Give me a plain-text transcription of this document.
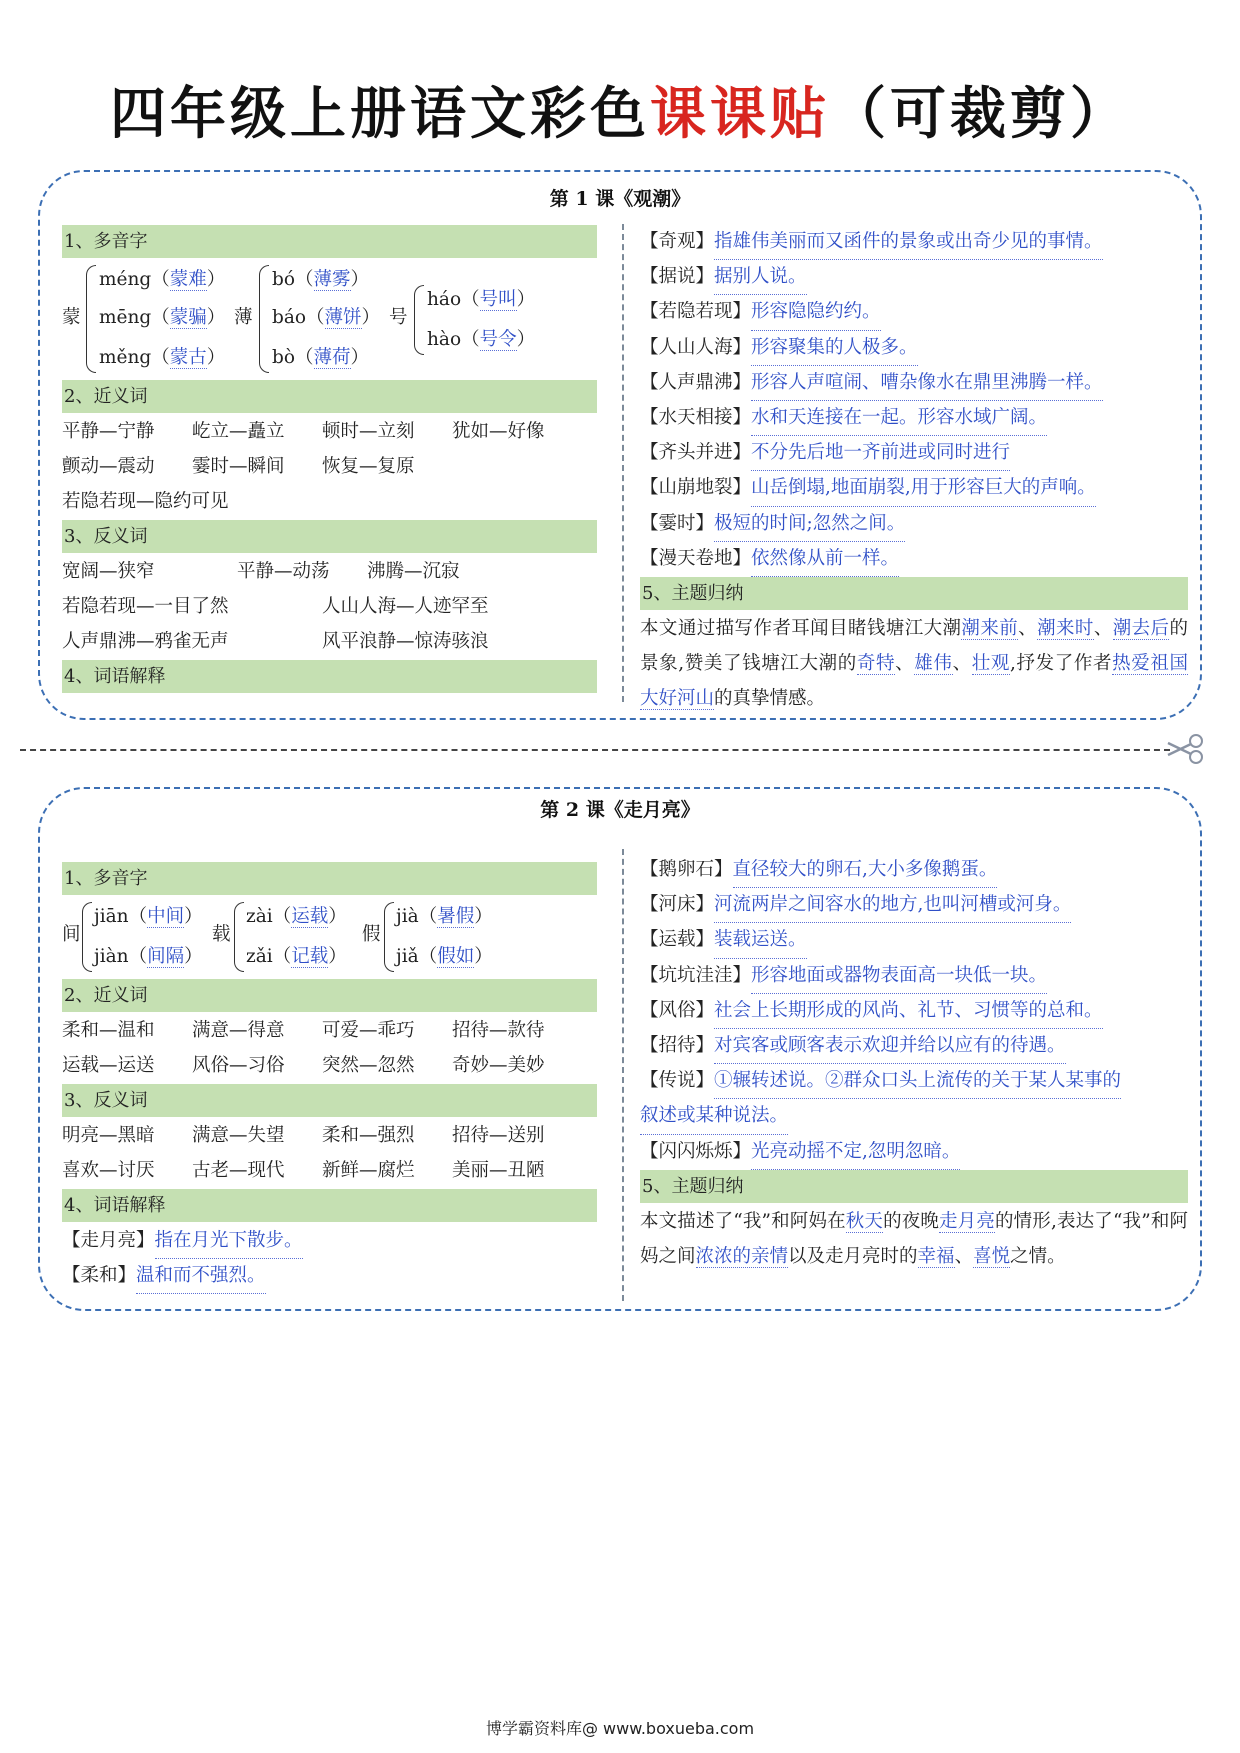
四年级上册语文彩色课课贴（可裁剪）
第 1 课《观潮》
1、多音字
蒙
méng（蒙难）
mēng（蒙骗）
měng（蒙古）
薄
bó（薄雾）
báo（薄饼）
bò（薄荷）
号
háo（号叫）
hào（号令）
2、近义词
平静—宁静 屹立—矗立 顿时—立刻 犹如—好像
颤动—震动 霎时—瞬间 恢复—复原
若隐若现—隐约可见
3、反义词
宽阔—狭窄	平静—动荡 沸腾—沉寂
若隐若现—一目了然	人山人海—人迹罕至
人声鼎沸—鸦雀无声	风平浪静—惊涛骇浪
4、词语解释
【奇观】指雄伟美丽而又函件的景象或出奇少见的事情。
【据说】据别人说。
【若隐若现】形容隐隐约约。
【人山人海】形容聚集的人极多。
【人声鼎沸】形容人声喧闹、嘈杂像水在鼎里沸腾一样。
【水天相接】水和天连接在一起。形容水域广阔。
【齐头并进】不分先后地一齐前进或同时进行
【山崩地裂】山岳倒塌,地面崩裂,用于形容巨大的声响。
【霎时】极短的时间;忽然之间。
【漫天卷地】依然像从前一样。
5、主题归纳
本文通过描写作者耳闻目睹钱塘江大潮潮来前、潮来时、潮去后的景象,赞美了钱塘江大潮的奇特、雄伟、壮观,抒发了作者热爱祖国大好河山的真挚情感。
第 2 课《走月亮》
1、多音字
间
jiān（中间）
jiàn（间隔）
载
zài（运载）
zǎi（记载）
假
jià（暑假）
jiǎ（假如）
2、近义词
柔和—温和 满意—得意 可爱—乖巧 招待—款待
运载—运送 风俗—习俗 突然—忽然 奇妙—美妙
3、反义词
明亮—黑暗 满意—失望 柔和—强烈 招待—送别
喜欢—讨厌 古老—现代 新鲜—腐烂 美丽—丑陋
4、词语解释
【走月亮】指在月光下散步。
【柔和】温和而不强烈。
【鹅卵石】直径较大的卵石,大小多像鹅蛋。
【河床】河流两岸之间容水的地方,也叫河槽或河身。
【运载】装载运送。
【坑坑洼洼】形容地面或器物表面高一块低一块。
【风俗】社会上长期形成的风尚、礼节、习惯等的总和。
【招待】对宾客或顾客表示欢迎并给以应有的待遇。
【传说】①辗转述说。②群众口头上流传的关于某人某事的
叙述或某种说法。
【闪闪烁烁】光亮动摇不定,忽明忽暗。
5、主题归纳
本文描述了“我”和阿妈在秋天的夜晚走月亮的情形,表达了“我”和阿妈之间浓浓的亲情以及走月亮时的幸福、喜悦之情。
博学霸资料库@ www.boxueba.com
